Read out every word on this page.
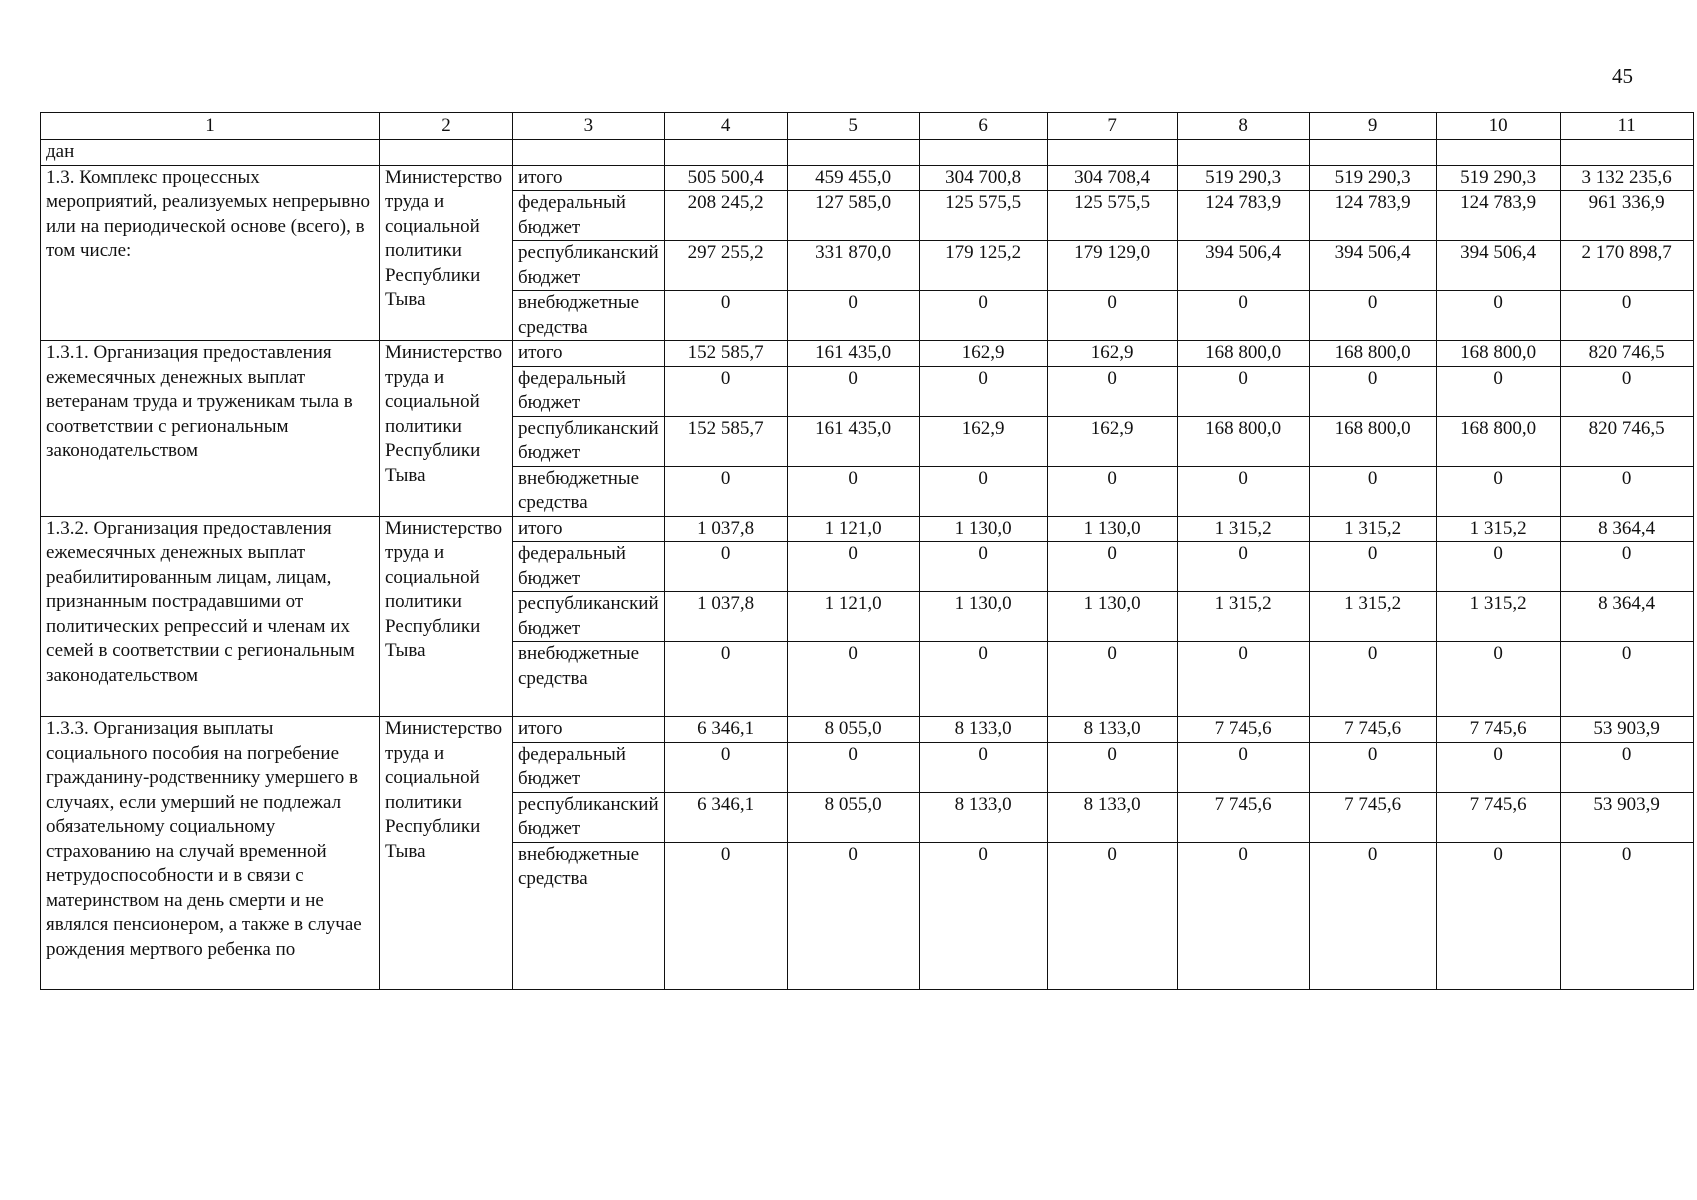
45
1	2	3	4	5	6	7	8	9	10	11
дан										
1.3. Комплекс процессных мероприятий, реализуемых непрерывно или на периодической основе (всего), в том числе:	Министерство труда и социальной политики Республики Тыва	итого	505 500,4	459 455,0	304 700,8	304 708,4	519 290,3	519 290,3	519 290,3	3 132 235,6
		федеральный бюджет	208 245,2	127 585,0	125 575,5	125 575,5	124 783,9	124 783,9	124 783,9	961 336,9
		республиканский бюджет	297 255,2	331 870,0	179 125,2	179 129,0	394 506,4	394 506,4	394 506,4	2 170 898,7
		внебюджетные средства	0	0	0	0	0	0	0	0
1.3.1. Организация предоставления ежемесячных денежных выплат ветеранам труда и труженикам тыла в соответствии с региональным законодательством	Министерство труда и социальной политики Республики Тыва	итого	152 585,7	161 435,0	162,9	162,9	168 800,0	168 800,0	168 800,0	820 746,5
		федеральный бюджет	0	0	0	0	0	0	0	0
		республиканский бюджет	152 585,7	161 435,0	162,9	162,9	168 800,0	168 800,0	168 800,0	820 746,5
		внебюджетные средства	0	0	0	0	0	0	0	0
1.3.2. Организация предоставления ежемесячных денежных выплат реабилитированным лицам, лицам, признанным пострадавшими от политических репрессий и членам их семей в соответствии с региональным законодательством	Министерство труда и социальной политики Республики Тыва	итого	1 037,8	1 121,0	1 130,0	1 130,0	1 315,2	1 315,2	1 315,2	8 364,4
		федеральный бюджет	0	0	0	0	0	0	0	0
		республиканский бюджет	1 037,8	1 121,0	1 130,0	1 130,0	1 315,2	1 315,2	1 315,2	8 364,4
		внебюджетные средства	0	0	0	0	0	0	0	0
1.3.3. Организация выплаты социального пособия на погребение гражданину-родственнику умершего в случаях, если умерший не подлежал обязательному социальному страхованию на случай временной нетрудоспособности и в связи с материнством на день смерти и не являлся пенсионером, а также в случае рождения мертвого ребенка по	Министерство труда и социальной политики Республики Тыва	итого	6 346,1	8 055,0	8 133,0	8 133,0	7 745,6	7 745,6	7 745,6	53 903,9
		федеральный бюджет	0	0	0	0	0	0	0	0
		республиканский бюджет	6 346,1	8 055,0	8 133,0	8 133,0	7 745,6	7 745,6	7 745,6	53 903,9
		внебюджетные средства	0	0	0	0	0	0	0	0
